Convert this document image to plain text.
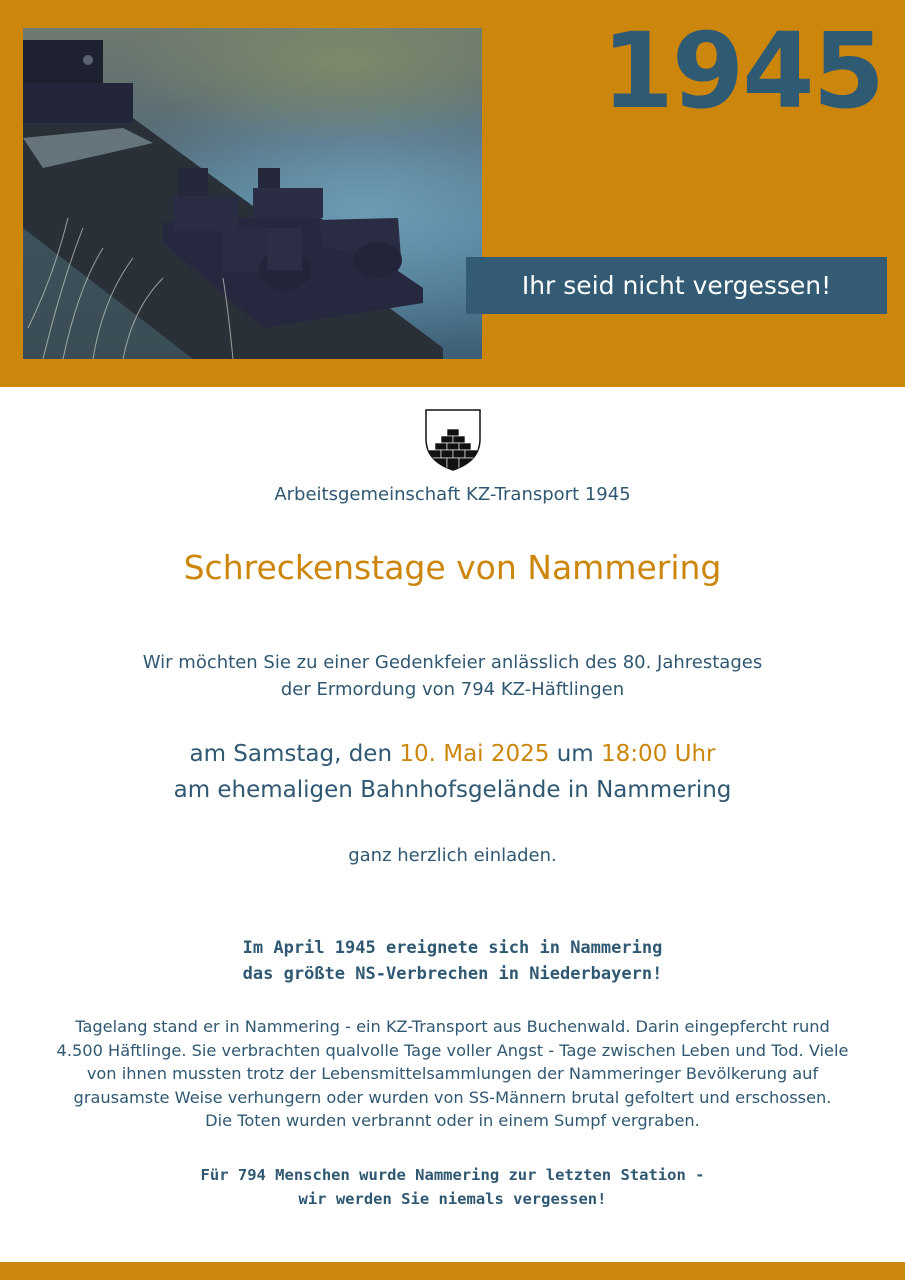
1945
Ihr seid nicht vergessen!
Arbeitsgemeinschaft KZ-Transport 1945
Schreckenstage von Nammering
Wir möchten Sie zu einer Gedenkfeier anlässlich des 80. Jahrestages
der Ermordung von 794 KZ-Häftlingen
am Samstag, den 10. Mai 2025 um 18:00 Uhr
am ehemaligen Bahnhofsgelände in Nammering
ganz herzlich einladen.
Im April 1945 ereignete sich in Nammering
das größte NS-Verbrechen in Niederbayern!
Tagelang stand er in Nammering - ein KZ-Transport aus Buchenwald. Darin eingepfercht rund
4.500 Häftlinge. Sie verbrachten qualvolle Tage voller Angst - Tage zwischen Leben und Tod. Viele
von ihnen mussten trotz der Lebensmittelsammlungen der Nammeringer Bevölkerung auf
grausamste Weise verhungern oder wurden von SS-Männern brutal gefoltert und erschossen.
Die Toten wurden verbrannt oder in einem Sumpf vergraben.
Für 794 Menschen wurde Nammering zur letzten Station -
wir werden Sie niemals vergessen!
